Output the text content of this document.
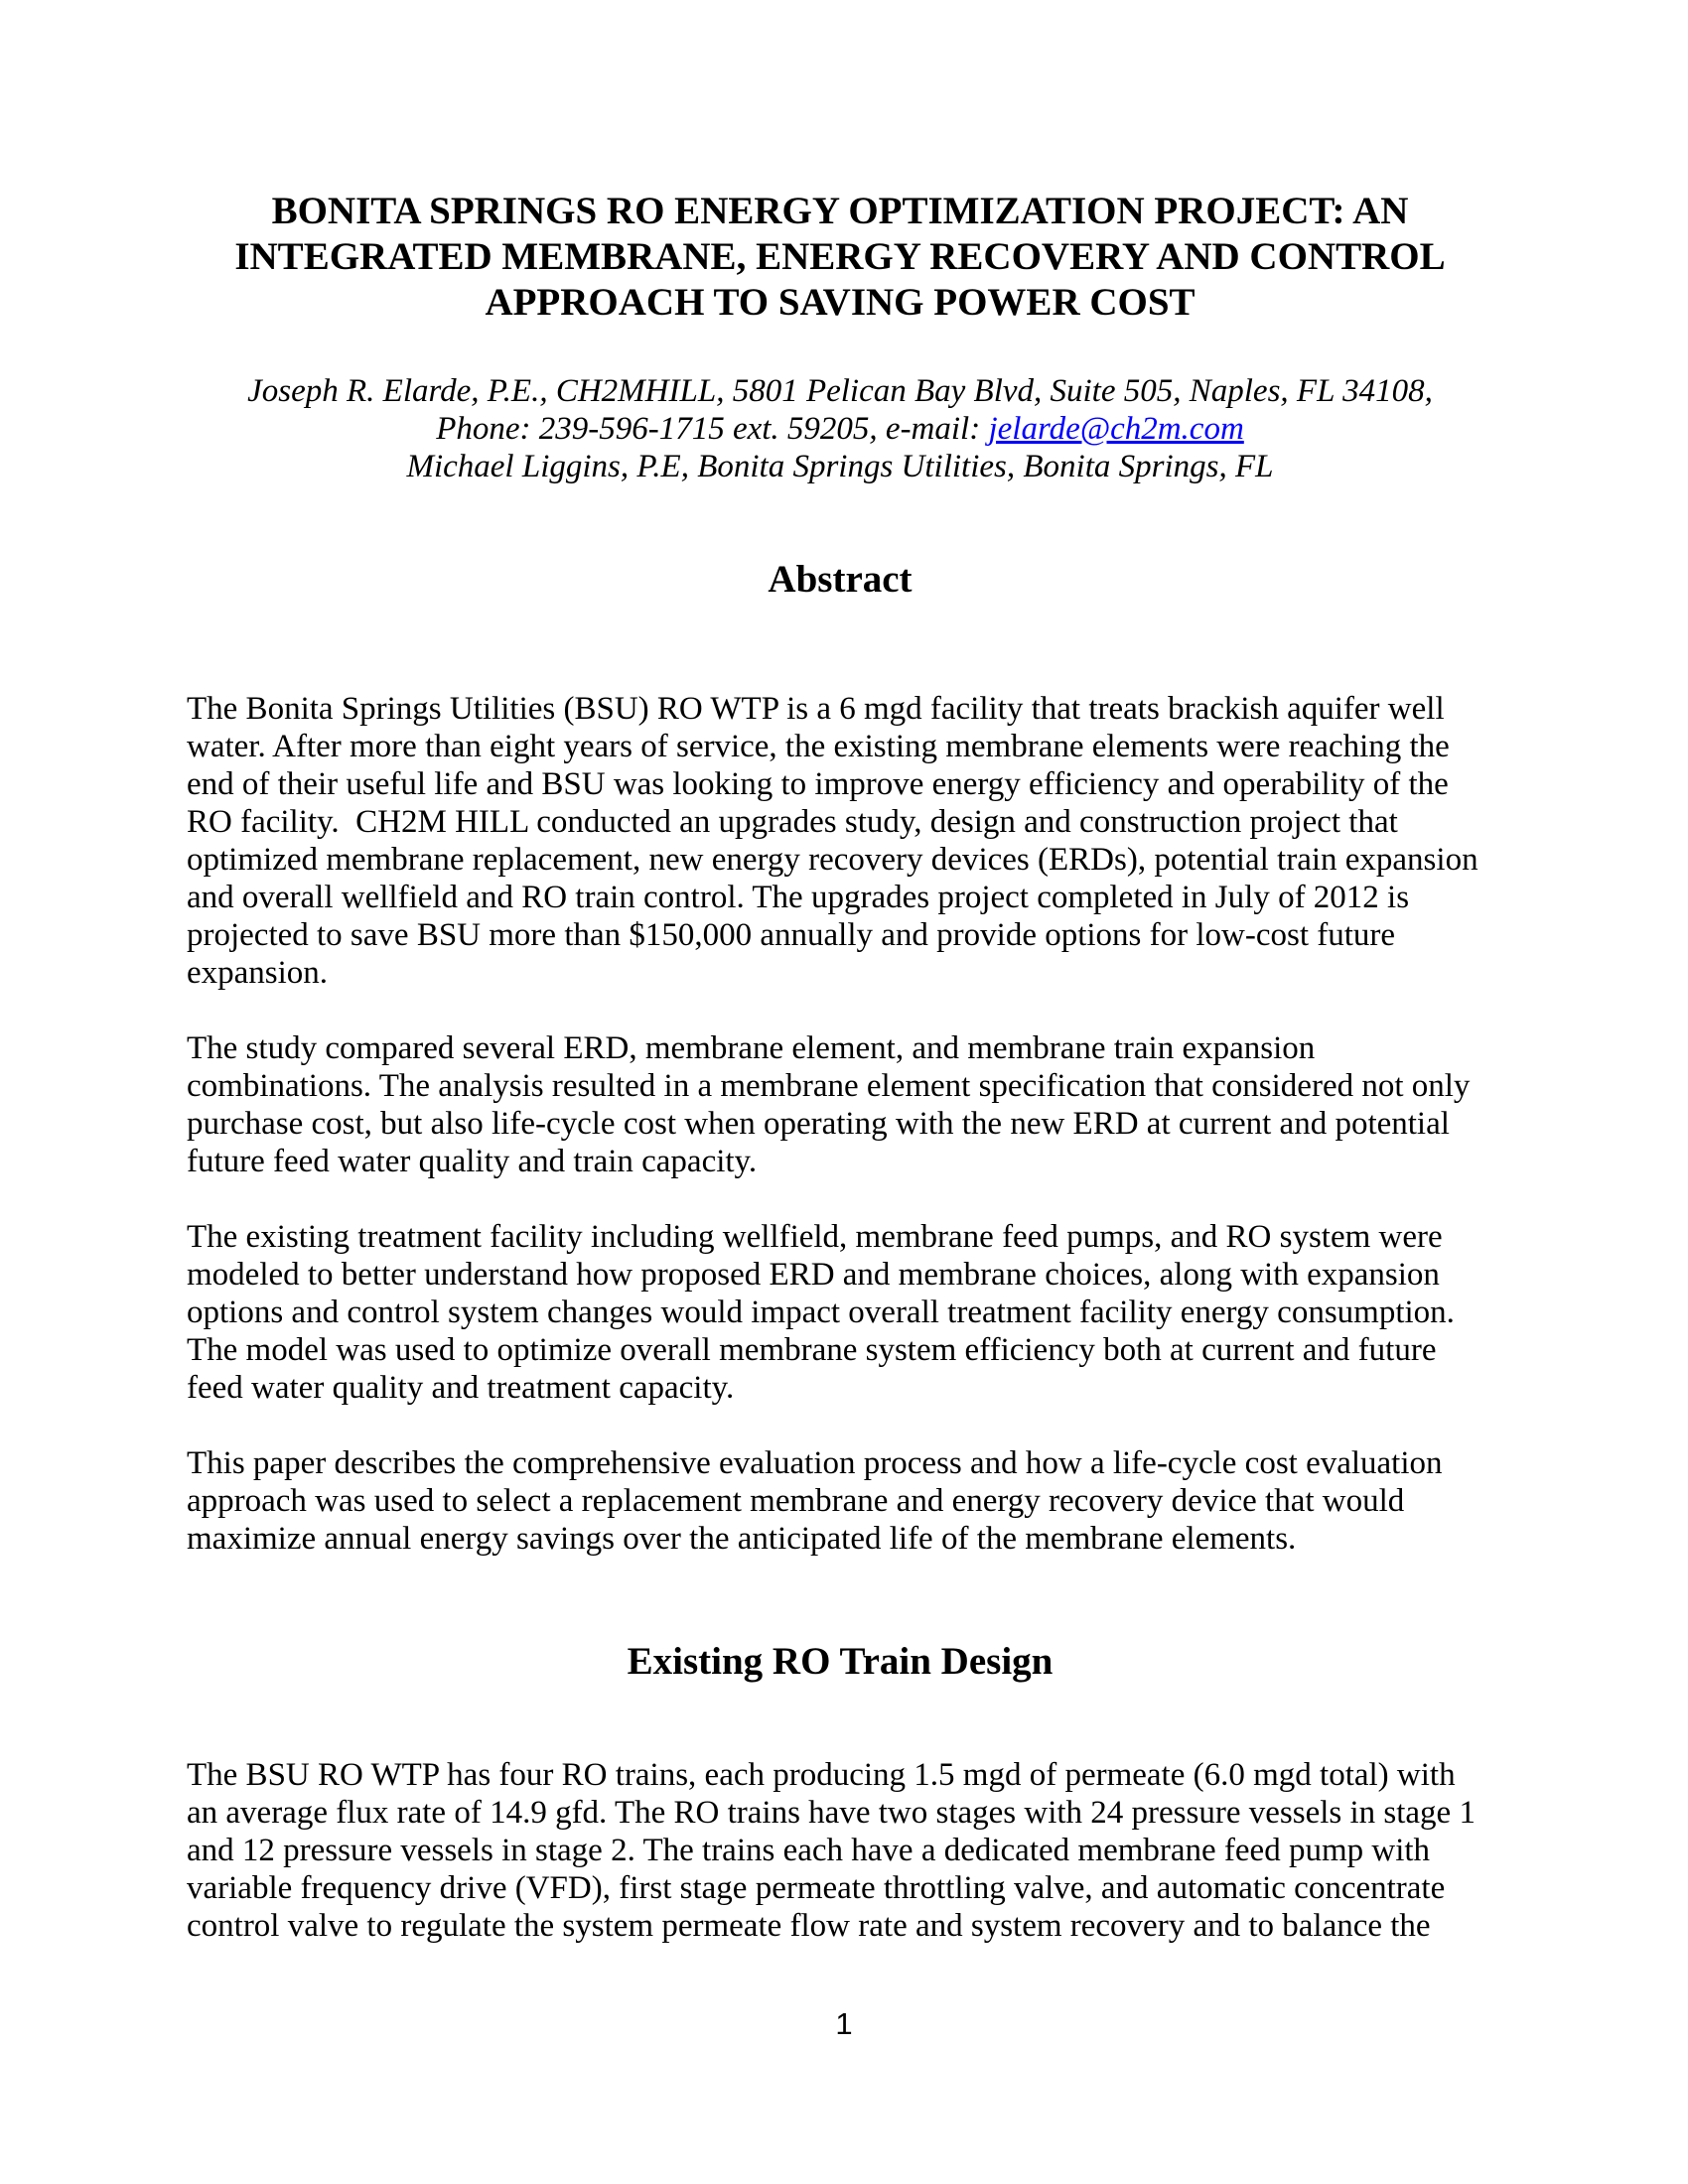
BONITA SPRINGS RO ENERGY OPTIMIZATION PROJECT: AN
INTEGRATED MEMBRANE, ENERGY RECOVERY AND CONTROL
APPROACH TO SAVING POWER COST
Joseph R. Elarde, P.E., CH2MHILL, 5801 Pelican Bay Blvd, Suite 505, Naples, FL 34108,
Phone: 239-596-1715 ext. 59205, e-mail: jelarde@ch2m.com
Michael Liggins, P.E, Bonita Springs Utilities, Bonita Springs, FL
Abstract

The Bonita Springs Utilities (BSU) RO WTP is a 6 mgd facility that treats brackish aquifer well water. After more than eight years of service, the existing membrane elements were reaching the end of their useful life and BSU was looking to improve energy efficiency and operability of the RO facility.  CH2M HILL conducted an upgrades study, design and construction project that optimized membrane replacement, new energy recovery devices (ERDs), potential train expansion and overall wellfield and RO train control. The upgrades project completed in July of 2012 is projected to save BSU more than $150,000 annually and provide options for low-cost future expansion.

The study compared several ERD, membrane element, and membrane train expansion combinations. The analysis resulted in a membrane element specification that considered not only purchase cost, but also life-cycle cost when operating with the new ERD at current and potential future feed water quality and train capacity.

The existing treatment facility including wellfield, membrane feed pumps, and RO system were modeled to better understand how proposed ERD and membrane choices, along with expansion options and control system changes would impact overall treatment facility energy consumption. The model was used to optimize overall membrane system efficiency both at current and future feed water quality and treatment capacity.

This paper describes the comprehensive evaluation process and how a life-cycle cost evaluation approach was used to select a replacement membrane and energy recovery device that would maximize annual energy savings over the anticipated life of the membrane elements.

Existing RO Train Design

The BSU RO WTP has four RO trains, each producing 1.5 mgd of permeate (6.0 mgd total) with an average flux rate of 14.9 gfd. The RO trains have two stages with 24 pressure vessels in stage 1 and 12 pressure vessels in stage 2. The trains each have a dedicated membrane feed pump with variable frequency drive (VFD), first stage permeate throttling valve, and automatic concentrate control valve to regulate the system permeate flow rate and system recovery and to balance the

1
